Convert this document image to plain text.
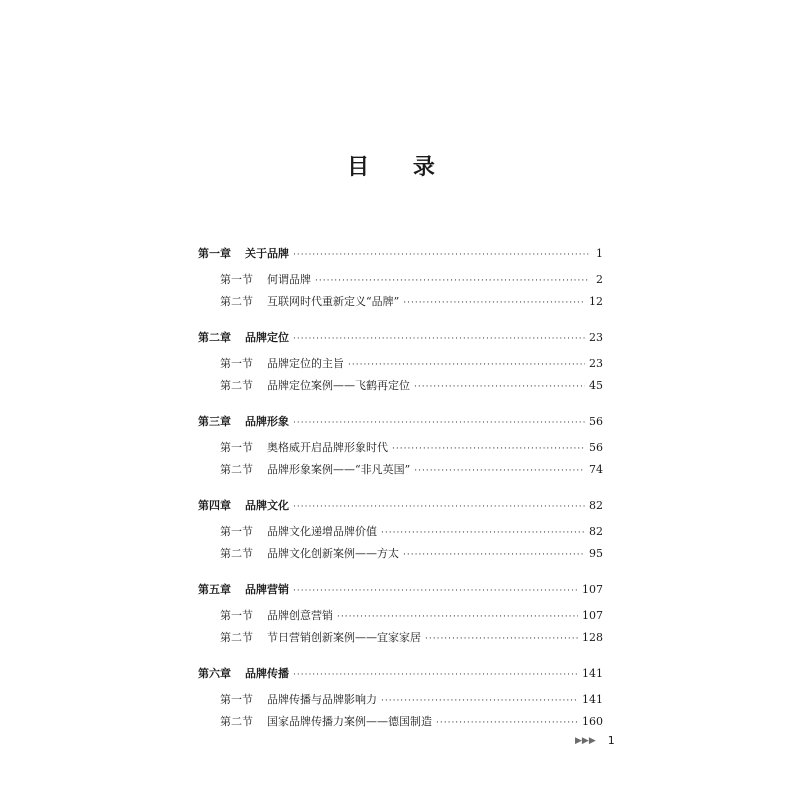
目 录
第一章 关于品牌 ·····	1
第一节 何谓品牌 ·····	2
第二节 互联网时代重新定义“品牌” ·····	12
第二章 品牌定位 ·····	23
第一节 品牌定位的主旨 ·····	23
第二节 品牌定位案例——飞鹤再定位 ·····	45
第三章 品牌形象 ·····	56
第一节 奥格威开启品牌形象时代 ·····	56
第二节 品牌形象案例——“非凡英国” ·····	74
第四章 品牌文化 ·····	82
第一节 品牌文化递增品牌价值 ·····	82
第二节 品牌文化创新案例——方太 ·····	95
第五章 品牌营销 ·····	107
第一节 品牌创意营销 ·····	107
第二节 节日营销创新案例——宜家家居 ·····	128
第六章 品牌传播 ·····	141
第一节 品牌传播与品牌影响力 ·····	141
第二节 国家品牌传播力案例——德国制造 ·····	160
▶▶▶ 1
